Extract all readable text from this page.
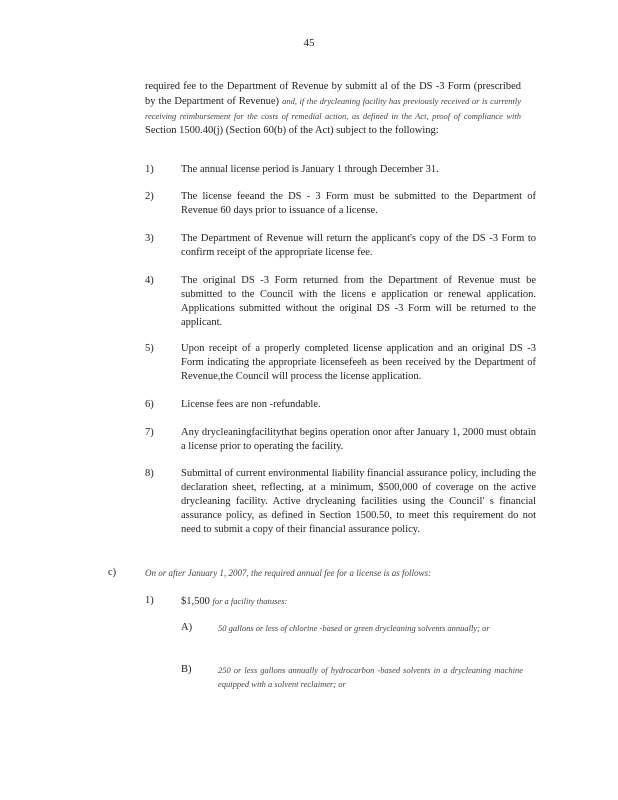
45
required fee to the Department of Revenue by submitt al of the DS -3 Form (prescribed by the Department of Revenue) and, if the drycleaning facility has previously received or is currently receiving reimbursement for the costs of remedial action, as defined in the Act, proof of compliance with Section 1500.40(j) (Section 60(b) of the Act) subject to the following:
1)	The annual license period is January 1 through December 31.
2)	The license feeand the DS - 3 Form must be submitted to the Department of Revenue 60 days prior to issuance of a license.
3)	The Department of Revenue will return the applicant's copy of the DS -3 Form to confirm receipt of the appropriate license fee.
4)	The original DS -3 Form returned from the Department of Revenue must be submitted to the Council with the licens e application or renewal application. Applications submitted without the original DS -3 Form will be returned to the applicant.
5)	Upon receipt of a properly completed license application and an original DS -3 Form indicating the appropriate licensefeeh as been received by the Department of Revenue,the Council will process the license application.
6)	License fees are non -refundable.
7)	Any drycleaningfacilitythat begins operation onor after January 1, 2000 must obtain a license prior to operating the facility.
8)	Submittal of current environmental liability financial assurance policy, including the declaration sheet, reflecting, at a minimum, $500,000 of coverage on the active drycleaning facility. Active drycleaning facilities using the Council' s financial assurance policy, as defined in Section 1500.50, to meet this requirement do not need to submit a copy of their financial assurance policy.
c)	On or after January 1, 2007, the required annual fee for a license is as follows:
1)	$1,500 for a facility thatuses:
A)	50 gallons or less of chlorine -based or green drycleaning solvents annually; or
B)	250 or less gallons annually of hydrocarbon -based solvents in a drycleaning machine equipped with a solvent reclaimer; or
